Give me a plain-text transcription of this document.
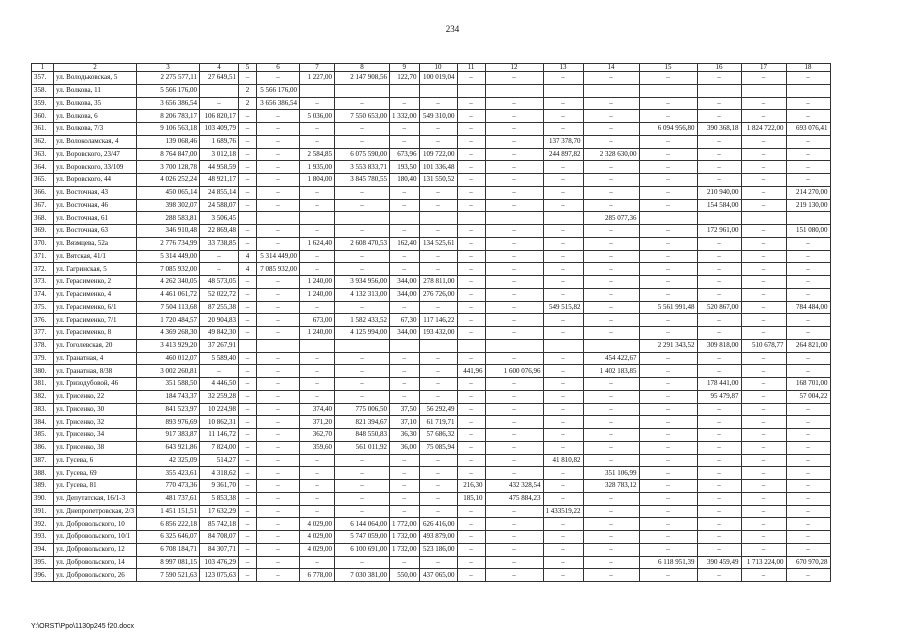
234
1	2	3	4	5	6	7	8	9	10	11	12	13	14	15	16	17	18
357.	ул. Володьковская, 5	2 275 577,11	27 649,51	–	–	1 227,00	2 147 908,56	122,70	100 019,04	–	–	–	–	–	–	–	–
358.	ул. Волкова, 11	5 566 176,00		2	5 566 176,00												
359.	ул. Волкова, 35	3 656 386,54	–	2	3 656 386,54	–	–	–	–	–	–	–	–	–	–	–	–
360.	ул. Волкова, 6	8 206 783,17	106 820,17	–	–	5 036,00	7 550 653,00	1 332,00	549 310,00	–	–	–	–	–	–	–	–
361.	ул. Волкова, 7/3	9 106 563,18	103 409,79	–	–	–	–	–	–	–	–	–	–	6 094 956,80	390 368,18	1 824 722,00	693 076,41
362.	ул. Волоколамская, 4	139 068,46	1 689,76	–	–	–	–	–	–	–	–	137 378,70	–	–	–	–	–
363.	ул. Воровского, 23/47	8 764 847,00	3 012,18	–	–	2 584,85	6 075 590,00	673,96	109 722,00	–	–	244 897,82	2 328 630,00	–	–	–	–
364.	ул. Воровского, 33/109	3 700 128,78	44 958,59	–	–	1 935,00	3 553 833,71	193,50	101 336,48	–	–	–	–	–	–	–	–
365.	ул. Воровского, 44	4 026 252,24	48 921,17	–	–	1 804,00	3 845 780,55	180,40	131 550,52	–	–	–	–	–	–	–	–
366.	ул. Восточная, 43	450 065,14	24 855,14	–	–	–	–	–	–	–	–	–	–	–	210 940,00	–	214 270,00
367.	ул. Восточная, 46	398 302,07	24 588,07	–	–	–	–	–	–	–	–	–	–	–	154 584,00	–	219 130,00
368.	ул. Восточная, 61	288 583,81	3 506,45										285 077,36				
369.	ул. Восточная, 63	346 910,48	22 869,48	–	–	–	–	–	–	–	–	–	–	–	172 961,00	–	151 080,00
370.	ул. Вязмцева, 52а	2 776 734,99	33 738,85	–	–	1 624,40	2 608 470,53	162,40	134 525,61	–	–	–	–	–	–	–	–
371.	ул. Вятская, 41/1	5 314 449,00	–	4	5 314 449,00	–	–	–	–	–	–	–	–	–	–	–	–
372.	ул. Гагринская, 5	7 085 932,00	–	4	7 085 932,00	–	–	–	–	–	–	–	–	–	–	–	–
373.	ул. Герасименко, 2	4 262 340,05	48 573,05	–	–	1 240,00	3 934 956,00	344,00	278 811,00	–	–	–	–	–	–	–	–
374.	ул. Герасименко, 4	4 461 061,72	52 022,72	–	–	1 240,00	4 132 313,00	344,00	276 726,00	–	–	–	–	–	–	–	–
375.	ул. Герасименко, 6/1	7 504 113,68	87 255,38	–	–	–	–	–	–	–	–	549 515,82	–	5 561 991,48	520 867,00	–	784 484,00
376.	ул. Герасименко, 7/1	1 720 484,57	20 904,83	–	–	673,00	1 582 433,52	67,30	117 146,22	–	–	–	–	–	–	–	–
377.	ул. Герасименко, 8	4 369 268,30	49 842,30	–	–	1 240,00	4 125 994,00	344,00	193 432,00	–	–	–	–	–	–	–	–
378.	ул. Гоголевская, 20	3 413 929,20	37 267,91											2 291 343,52	309 818,00	510 678,77	264 821,00
379.	ул. Гранатная, 4	460 012,07	5 589,40	–	–	–	–	–	–	–	–	–	454 422,67	–	–	–	–
380.	ул. Гранатная, 8/38	3 002 260,81	–	–	–	–	–	–	–	441,96	1 600 076,96	–	1 402 183,85	–	–	–	–
381.	ул. Гризодубовой, 46	351 588,50	4 446,50	–	–	–	–	–	–	–	–	–	–	–	178 441,00	–	168 701,00
382.	ул. Грисенко, 22	184 743,37	32 259,28	–	–	–	–	–	–	–	–	–	–	–	95 479,87	–	57 004,22
383.	ул. Грисенко, 30	841 523,97	10 224,98	–	–	374,40	775 006,50	37,50	56 292,49	–	–	–	–	–	–	–	–
384.	ул. Грисенко, 32	893 976,69	10 862,31	–	–	371,20	821 394,67	37,10	61 719,71	–	–	–	–	–	–	–	–
385.	ул. Грисенко, 34	917 383,87	11 146,72	–	–	362,70	848 550,83	36,30	57 686,32	–	–	–	–	–	–	–	–
386.	ул. Грисенко, 38	643 921,86	7 824,00	–	–	359,60	561 011,92	36,00	75 085,94	–	–	–	–	–	–	–	–
387.	ул. Гусева, 6	42 325,09	514,27	–	–	–	–	–	–	–	–	41 810,82	–	–	–	–	–
388.	ул. Гусева, 69	355 423,61	4 318,62	–	–	–	–	–	–	–	–	–	351 106,99	–	–	–	–
389.	ул. Гусева, 81	770 473,36	9 361,70	–	–	–	–	–	–	216,30	432 328,54	–	328 783,12	–	–	–	–
390.	ул. Депутатская, 16/1-3	481 737,61	5 853,38	–	–	–	–	–	–	185,10	475 884,23	–	–	–	–	–	–
391.	ул. Днепропетровская, 2/3	1 451 151,51	17 632,29	–	–	–	–	–	–	–	–	1 433519,22	–	–	–	–	–
392.	ул. Добровольского, 10	6 856 222,18	85 742,18	–	–	4 029,00	6 144 064,00	1 772,00	626 416,00	–	–	–	–	–	–	–	–
393.	ул. Добровольского, 10/1	6 325 646,07	84 708,07	–	–	4 029,00	5 747 059,00	1 732,00	493 879,00	–	–	–	–	–	–	–	–
394.	ул. Добровольского, 12	6 708 184,71	84 307,71	–	–	4 029,00	6 100 691,00	1 732,00	523 186,00	–	–	–	–	–	–	–	–
395.	ул. Добровольского, 14	8 997 081,15	103 476,29	–	–	–	–	–	–	–	–	–	–	6 118 951,39	390 459,49	1 713 224,00	670 970,28
396.	ул. Добровольского, 26	7 590 521,63	123 075,63	–	–	6 778,00	7 030 381,00	550,00	437 065,00	–	–	–	–	–	–	–	–
Y:\ORST\Ppo\1130p245 f20.docx
